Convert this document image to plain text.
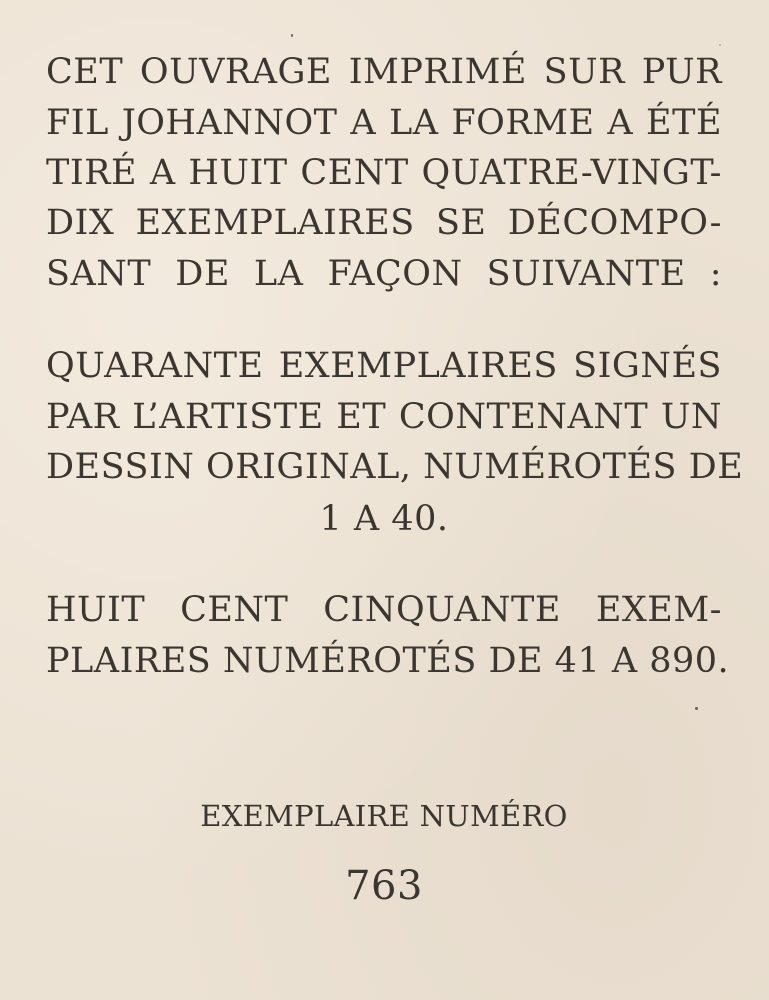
CET OUVRAGE IMPRIMÉ SUR PUR
FIL JOHANNOT A LA FORME A ÉTÉ
TIRÉ A HUIT CENT QUATRE-VINGT-
DIX EXEMPLAIRES SE DÉCOMPO-
SANT DE LA FAÇON SUIVANTE :
QUARANTE EXEMPLAIRES SIGNÉS
PAR L’ARTISTE ET CONTENANT UN
DESSIN ORIGINAL, NUMÉROTÉS DE
1 A 40.
HUIT CENT CINQUANTE EXEM-
PLAIRES NUMÉROTÉS DE 41 A 890.
EXEMPLAIRE NUMÉRO
763
